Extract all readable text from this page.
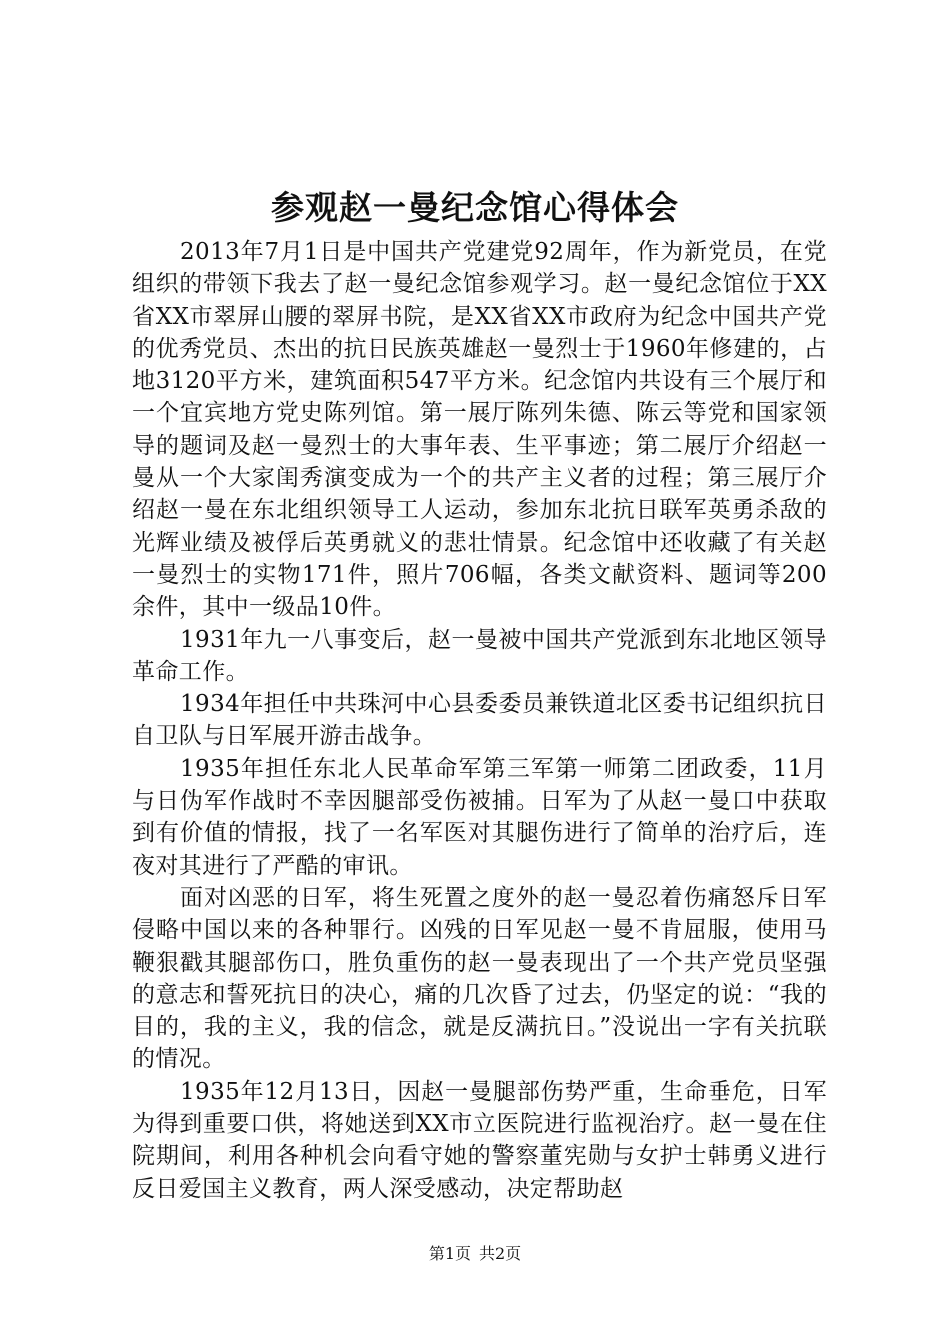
参观赵一曼纪念馆心得体会

2013年7月1日是中国共产党建党92周年，作为新党员，在党组织的带领下我去了赵一曼纪念馆参观学习。赵一曼纪念馆位于XX省XX市翠屏山腰的翠屏书院，是XX省XX市政府为纪念中国共产党的优秀党员、杰出的抗日民族英雄赵一曼烈士于1960年修建的，占地3120平方米，建筑面积547平方米。纪念馆内共设有三个展厅和一个宜宾地方党史陈列馆。第一展厅陈列朱德、陈云等党和国家领导的题词及赵一曼烈士的大事年表、生平事迹；第二展厅介绍赵一曼从一个大家闺秀演变成为一个的共产主义者的过程；第三展厅介绍赵一曼在东北组织领导工人运动，参加东北抗日联军英勇杀敌的光辉业绩及被俘后英勇就义的悲壮情景。纪念馆中还收藏了有关赵一曼烈士的实物171件，照片706幅，各类文献资料、题词等200余件，其中一级品10件。

1931年九一八事变后，赵一曼被中国共产党派到东北地区领导革命工作。

1934年担任中共珠河中心县委委员兼铁道北区委书记组织抗日自卫队与日军展开游击战争。

1935年担任东北人民革命军第三军第一师第二团政委，11月与日伪军作战时不幸因腿部受伤被捕。日军为了从赵一曼口中获取到有价值的情报，找了一名军医对其腿伤进行了简单的治疗后，连夜对其进行了严酷的审讯。

面对凶恶的日军，将生死置之度外的赵一曼忍着伤痛怒斥日军侵略中国以来的各种罪行。凶残的日军见赵一曼不肯屈服，使用马鞭狠戳其腿部伤口，胜负重伤的赵一曼表现出了一个共产党员坚强的意志和誓死抗日的决心，痛的几次昏了过去，仍坚定的说：“我的目的，我的主义，我的信念，就是反满抗日。”没说出一字有关抗联的情况。

1935年12月13日，因赵一曼腿部伤势严重，生命垂危，日军为得到重要口供，将她送到XX市立医院进行监视治疗。赵一曼在住院期间，利用各种机会向看守她的警察董宪勋与女护士韩勇义进行反日爱国主义教育，两人深受感动，决定帮助赵

第1页 共2页
